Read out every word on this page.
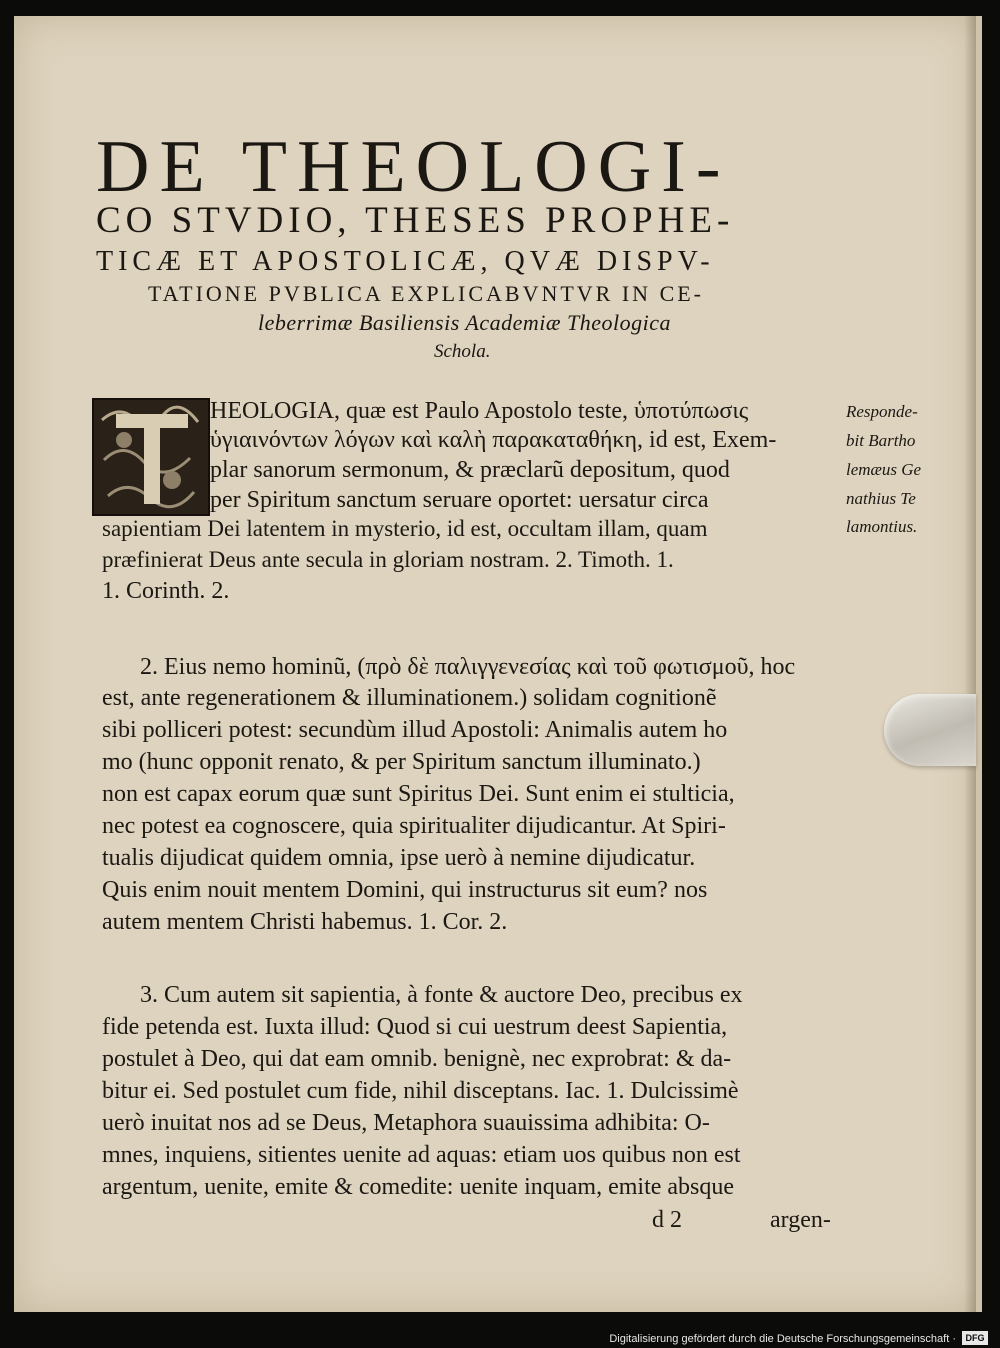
DE THEOLOGI-
CO STVDIO, THESES PROPHE-
TICÆ ET APOSTOLICÆ, QVÆ DISPV-
TATIONE PVBLICA EXPLICABVNTVR IN CE-
leberrimæ Basiliensis Academiæ Theologica
Schola.
HEOLOGIA, quæ est Paulo Apostolo teste, ὑποτύπωσις
ὑγιαινόντων λόγων καὶ καλὴ παρακαταθήκη, id est, Exem-
plar sanorum sermonum, & præclarũ depositum, quod
per Spiritum sanctum seruare oportet: uersatur circa
sapientiam Dei latentem in mysterio, id est, occultam illam, quam
præfinierat Deus ante secula in gloriam nostram. 2. Timoth. 1.
1. Corinth. 2.
2. Eius nemo hominũ, (πρὸ δὲ παλιγγενεσίας καὶ τοῦ φωτισμοῦ, hoc
est, ante regenerationem & illuminationem.) solidam cognitionẽ
sibi polliceri potest: secundùm illud Apostoli: Animalis autem ho
mo (hunc opponit renato, & per Spiritum sanctum illuminato.)
non est capax eorum quæ sunt Spiritus Dei. Sunt enim ei stulticia,
nec potest ea cognoscere, quia spiritualiter dijudicantur. At Spiri-
tualis dijudicat quidem omnia, ipse uerò à nemine dijudicatur.
Quis enim nouit mentem Domini, qui instructurus sit eum? nos
autem mentem Christi habemus. 1. Cor. 2.
3. Cum autem sit sapientia, à fonte & auctore Deo, precibus ex
fide petenda est. Iuxta illud: Quod si cui uestrum deest Sapientia,
postulet à Deo, qui dat eam omnib. benignè, nec exprobrat: & da-
bitur ei. Sed postulet cum fide, nihil disceptans. Iac. 1. Dulcissimè
uerò inuitat nos ad se Deus, Metaphora suauissima adhibita: O-
mnes, inquiens, sitientes uenite ad aquas: etiam uos quibus non est
argentum, uenite, emite & comedite: uenite inquam, emite absque
d 2	argen-
Responde-
bit Bartho
lemæus Ge
nathius Te
lamontius.
Digitalisierung gefördert durch die Deutsche Forschungsgemeinschaft ·	DFG
